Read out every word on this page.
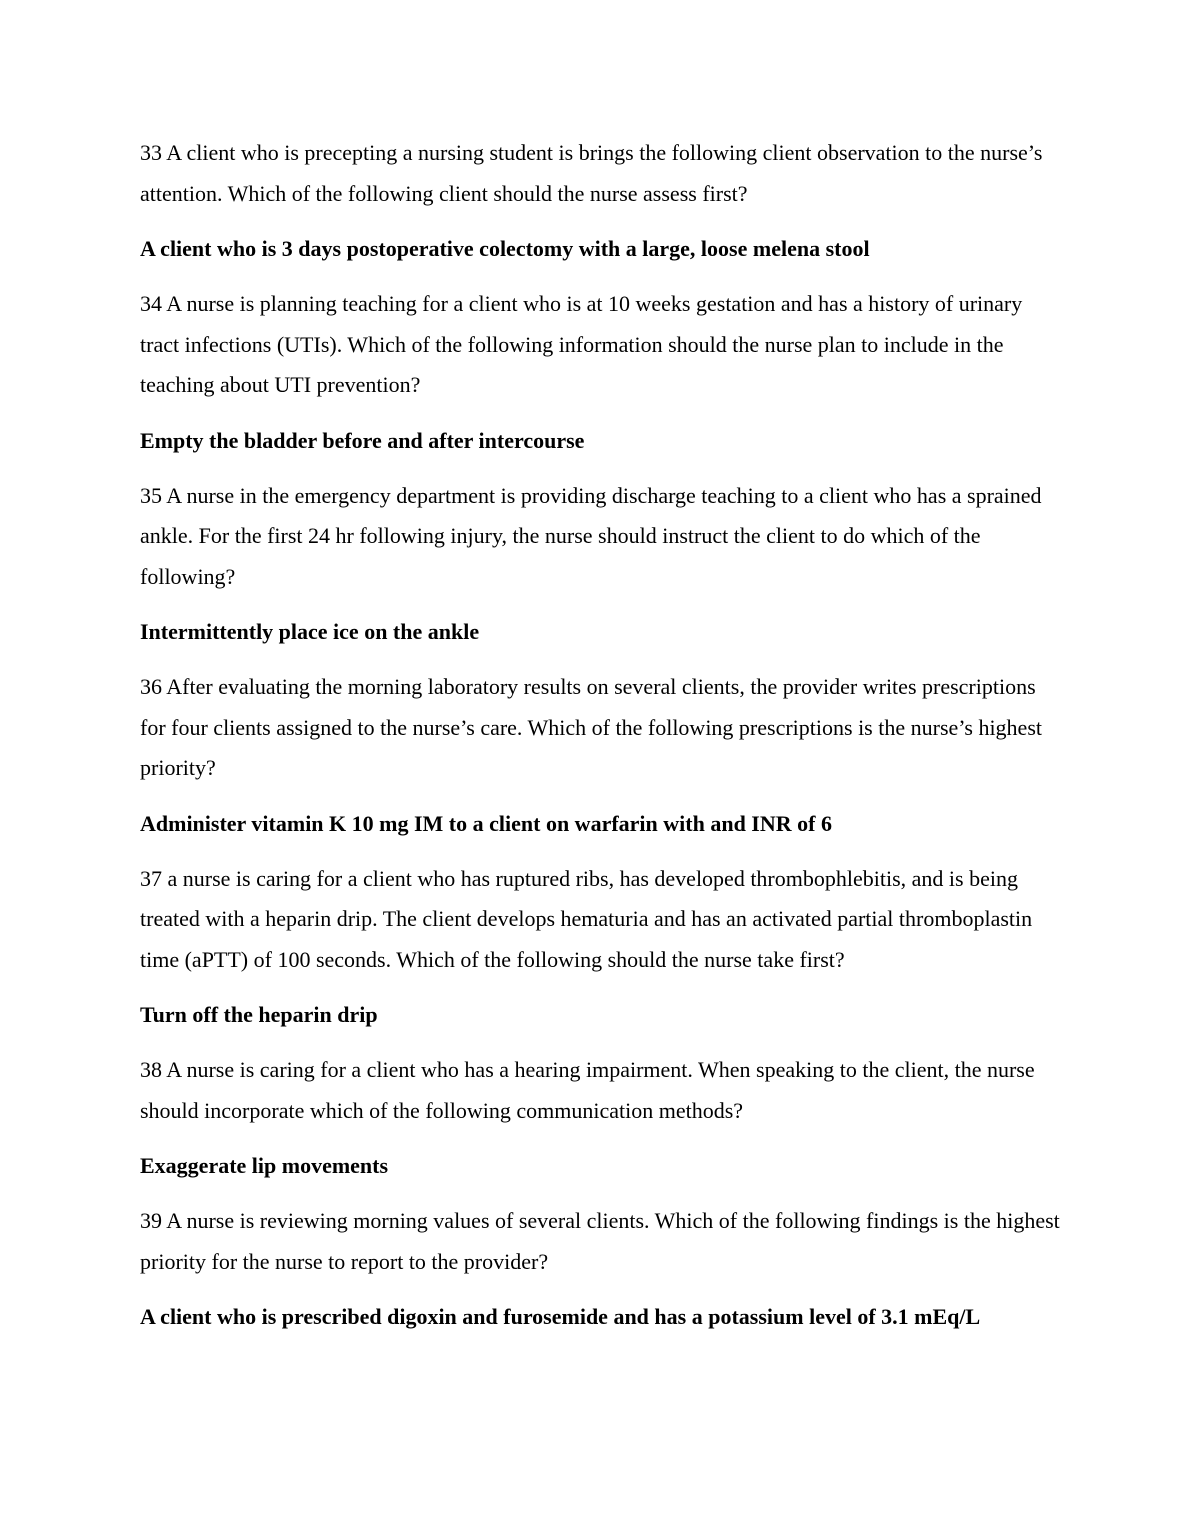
33 A client who is precepting a nursing student is brings the following client observation to the nurse’s attention. Which of the following client should the nurse assess first?

A client who is 3 days postoperative colectomy with a large, loose melena stool

34 A nurse is planning teaching for a client who is at 10 weeks gestation and has a history of urinary tract infections (UTIs). Which of the following information should the nurse plan to include in the teaching about UTI prevention?

Empty the bladder before and after intercourse

35 A nurse in the emergency department is providing discharge teaching to a client who has a sprained ankle. For the first 24 hr following injury, the nurse should instruct the client to do which of the following?

Intermittently place ice on the ankle

36 After evaluating the morning laboratory results on several clients, the provider writes prescriptions for four clients assigned to the nurse’s care. Which of the following prescriptions is the nurse’s highest priority?

Administer vitamin K 10 mg IM to a client on warfarin with and INR of 6

37 a nurse is caring for a client who has ruptured ribs, has developed thrombophlebitis, and is being treated with a heparin drip. The client develops hematuria and has an activated partial thromboplastin time (aPTT) of 100 seconds. Which of the following should the nurse take first?

Turn off the heparin drip

38 A nurse is caring for a client who has a hearing impairment. When speaking to the client, the nurse should incorporate which of the following communication methods?

Exaggerate lip movements

39 A nurse is reviewing morning values of several clients. Which of the following findings is the highest priority for the nurse to report to the provider?

A client who is prescribed digoxin and furosemide and has a potassium level of 3.1 mEq/L
